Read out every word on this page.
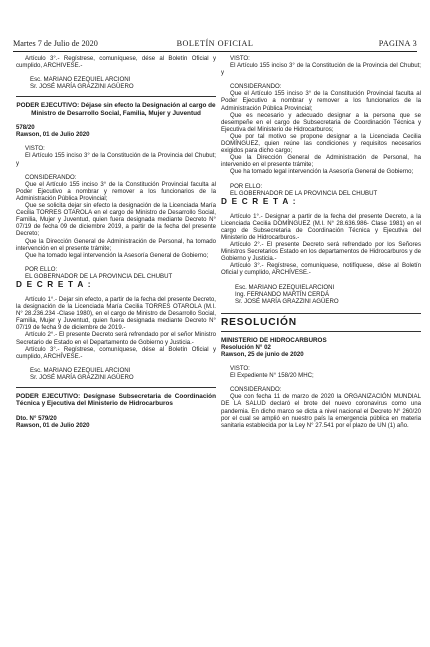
Martes 7 de Julio de 2020	BOLETÍN OFICIAL	PAGINA 3

Artículo 3°.- Regístrese, comuníquese, dése al Boletín Oficial y cumplido, ARCHIVESE.-

Esc. MARIANO EZEQUIEL ARCIONI

Sr. JOSÉ MARÍA GRAZZINI AGÜERO

PODER EJECUTIVO: Déjase sin efecto la Designación al cargo de Ministro de Desarrollo Social, Familia, Mujer y Juventud

578/20

Rawson, 01 de Julio 2020

VISTO:

El Artículo 155 inciso 3° de la Constitución de la Provincia del Chubut; y

CONSIDERANDO:

Que el Artículo 155 inciso 3° de la Constitución Provincial faculta al Poder Ejecutivo a nombrar y remover a los funcionarios de la Administración Pública Provincial;

Que se solicita dejar sin efecto la designación de la Licenciada María Cecilia TORRES OTAROLA en el cargo de Ministro de Desarrollo Social, Familia, Mujer y Juventud, quien fuera designada mediante Decreto N° 07/19 de fecha 09 de diciembre 2019, a partir de la fecha del presente Decreto;

Que la Dirección General de Administración de Personal, ha tomado intervención en el presente trámite;

Que ha tomado legal intervención la Asesoría General de Gobierno;

POR ELLO:

EL GOBERNADOR DE LA PROVINCIA DEL CHUBUT

D E C R E T A :

Artículo 1°.- Dejar sin efecto, a partir de la fecha del presente Decreto, la designación de la Licenciada María Cecilia TORRES OTAROLA (M.I. N° 28.236.234 -Clase 1980), en el cargo de Ministro de Desarrollo Social, Familia, Mujer y Juventud, quien fuera designada mediante Decreto N° 07/19 de fecha 9 de diciembre de 2019.-

Artículo 2°.- El presente Decreto será refrendado por el señor Ministro Secretario de Estado en el Departamento de Gobierno y Justicia.-

Artículo 3°.- Regístrese, comuníquese, dése al Boletín Oficial y cumplido, ARCHÍVESE.-

Esc. MARIANO EZEQUIEL ARCIONI

Sr. JOSÉ MARÍA GRAZZINI AGÜERO

PODER EJECUTIVO: Desígnase Subsecretaria de Coordinación Técnica y Ejecutiva del Ministerio de Hidrocarburos

Dto. N° 579/20

Rawson, 01 de Julio 2020

VISTO:

El Artículo 155 inciso 3° de la Constitución de la Provincia del Chubut; y

CONSIDERANDO:

Que el Artículo 155 inciso 3° de la Constitución Provincial faculta al Poder Ejecutivo a nombrar y remover a los funcionarios de la Administración Pública Provincial;

Que es necesario y adecuado designar a la persona que se desempeñe en el cargo de Subsecretaria de Coordinación Técnica y Ejecutiva del Ministerio de Hidrocarburos;

Que por tal motivo se propone designar a la Licenciada Cecilia DOMÍNGUEZ, quien reúne las condiciones y requisitos necesarios exigidos para dicho cargo;

Que la Dirección General de Administración de Personal, ha intervenido en el presente trámite;

Que ha tomado legal intervención la Asesoría General de Gobierno;

POR ELLO:

EL GOBERNADOR DE LA PROVINCIA DEL CHUBUT

D E C R E T A :

Artículo 1°.- Designar a partir de la fecha del presente Decreto, a la Licenciada Cecilia DOMÍNGUEZ (M.I. N° 28.636.986- Clase 1981) en el cargo de Subsecretaria de Coordinación Técnica y Ejecutiva del Ministerio de Hidrocarburos.-

Artículo 2°.- El presente Decreto será refrendado por los Señores Ministros Secretarios Estado en los departamentos de Hidrocarburos y de Gobierno y Justicia.-

Artículo 3°.- Regístrese, comuníquese, notifíquese, dése al Boletín Oficial y cumplido, ARCHÍVESE.-

Esc. MARIANO EZEQUIELARCIONI

Ing. FERNANDO MARTÍN CERDÁ

Sr. JOSÉ MARÍA GRAZZINI AGÜERO

RESOLUCIÓN

MINISTERIO DE HIDROCARBUROS

Resolución N° 02

Rawson, 25 de junio de 2020

VISTO:

El Expediente N° 158/20 MHC;

CONSIDERANDO:

Que con fecha 11 de marzo de 2020 la ORGANIZACIÓN MUNDIAL DE LA SALUD declaró el brote del nuevo coronavirus como una pandemia. En dicho marco se dicta a nivel nacional el Decreto N° 260/20 por el cual se amplió en nuestro país la emergencia pública en materia sanitaria establecida por la Ley N° 27.541 por el plazo de UN (1) año.
